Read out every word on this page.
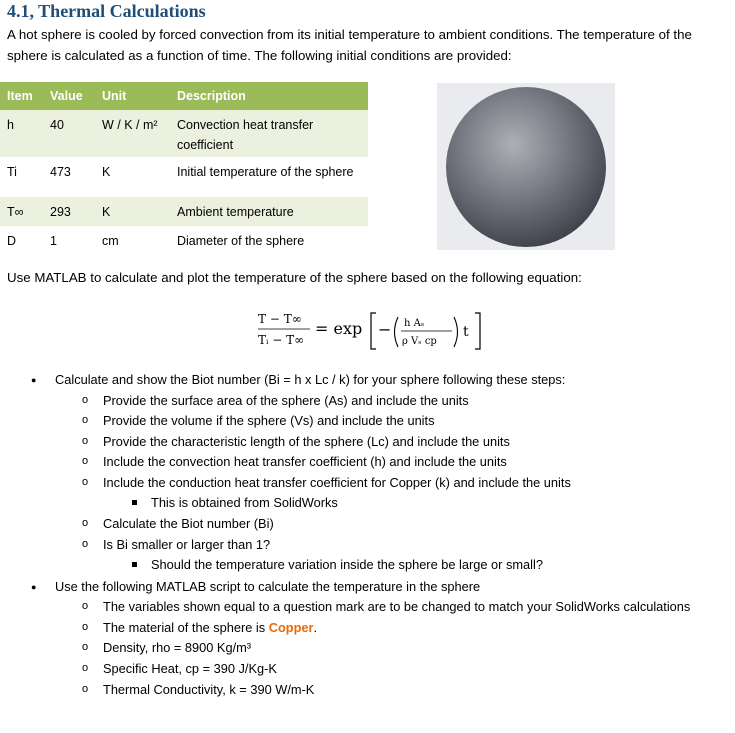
4.1, Thermal Calculations

A hot sphere is cooled by forced convection from its initial temperature to ambient conditions. The temperature of the sphere is calculated as a function of time. The following initial conditions are provided:

Item	Value	Unit	Description
h	40	W / K / m²	Convection heat transfer coefficient
Ti	473	K	Initial temperature of the sphere
T∞	293	K	Ambient temperature
D	1	cm	Diameter of the sphere

Use MATLAB to calculate and plot the temperature of the sphere based on the following equation:

T − T∞
Tᵢ − T∞
= exp − h Aₛ
ρ Vₛ cp
t
● Calculate and show the Biot number (Bi = h x Lc / k) for your sphere following these steps:
o Provide the surface area of the sphere (As) and include the units
o Provide the volume if the sphere (Vs) and include the units
o Provide the characteristic length of the sphere (Lc) and include the units
o Include the convection heat transfer coefficient (h) and include the units
o Include the conduction heat transfer coefficient for Copper (k) and include the units
This is obtained from SolidWorks
o Calculate the Biot number (Bi)
o Is Bi smaller or larger than 1?
Should the temperature variation inside the sphere be large or small?
● Use the following MATLAB script to calculate the temperature in the sphere
o The variables shown equal to a question mark are to be changed to match your SolidWorks calculations
o The material of the sphere is Copper.
o Density, rho = 8900 Kg/m³
o Specific Heat, cp = 390 J/Kg-K
o Thermal Conductivity, k = 390 W/m-K
